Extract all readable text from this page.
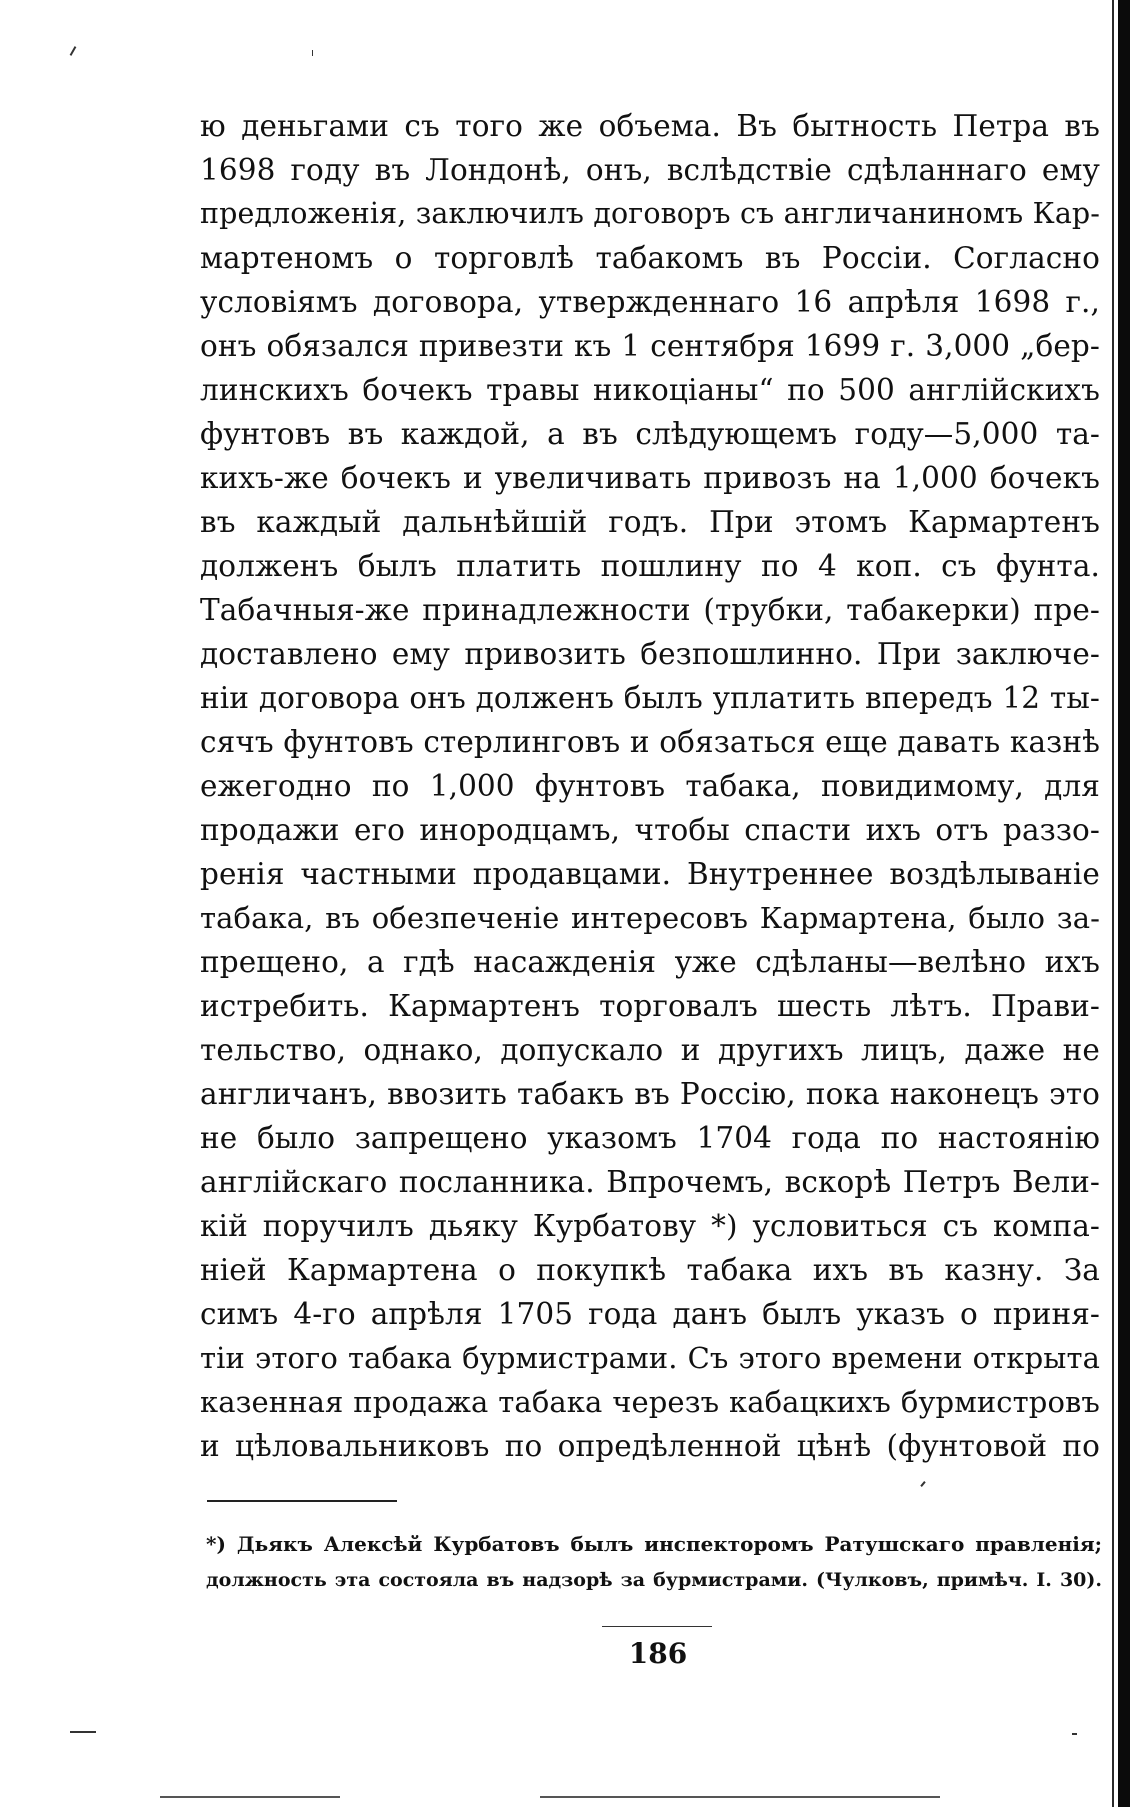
ю деньгами съ того же объема. Въ бытность Петра въ
1698 году въ Лондонѣ, онъ, вслѣдствіе сдѣланнаго ему
предложенія, заключилъ договоръ съ англичаниномъ Кар-
мартеномъ о торговлѣ табакомъ въ Россіи. Согласно
условіямъ договора, утвержденнаго 16 апрѣля 1698 г.,
онъ обязался привезти къ 1 сентября 1699 г. 3,000 „бер-
линскихъ бочекъ травы никоціаны“ по 500 англійскихъ
фунтовъ въ каждой, а въ слѣдующемъ году—5,000 та-
кихъ-же бочекъ и увеличивать привозъ на 1,000 бочекъ
въ каждый дальнѣйшій годъ. При этомъ Кармартенъ
долженъ былъ платить пошлину по 4 коп. съ фунта.
Табачныя-же принадлежности (трубки, табакерки) пре-
доставлено ему привозить безпошлинно. При заключе-
ніи договора онъ долженъ былъ уплатить впередъ 12 ты-
сячъ фунтовъ стерлинговъ и обязаться еще давать казнѣ
ежегодно по 1,000 фунтовъ табака, повидимому, для
продажи его инородцамъ, чтобы спасти ихъ отъ раззо-
ренія частными продавцами. Внутреннее воздѣлываніе
табака, въ обезпеченіе интересовъ Кармартена, было за-
прещено, а гдѣ насажденія уже сдѣланы—велѣно ихъ
истребить. Кармартенъ торговалъ шесть лѣтъ. Прави-
тельство, однако, допускало и другихъ лицъ, даже не
англичанъ, ввозить табакъ въ Россію, пока наконецъ это
не было запрещено указомъ 1704 года по настоянію
англійскаго посланника. Впрочемъ, вскорѣ Петръ Вели-
кій поручилъ дьяку Курбатову *) условиться съ компа-
ніей Кармартена о покупкѣ табака ихъ въ казну. За
симъ 4-го апрѣля 1705 года данъ былъ указъ о приня-
тіи этого табака бурмистрами. Съ этого времени открыта
казенная продажа табака черезъ кабацкихъ бурмистровъ
и цѣловальниковъ по опредѣленной цѣнѣ (фунтовой по
*) Дьякъ Алексѣй Курбатовъ былъ инспекторомъ Ратушскаго правленія;
должность эта состояла въ надзорѣ за бурмистрами. (Чулковъ, примѣч. I. 30).
186
